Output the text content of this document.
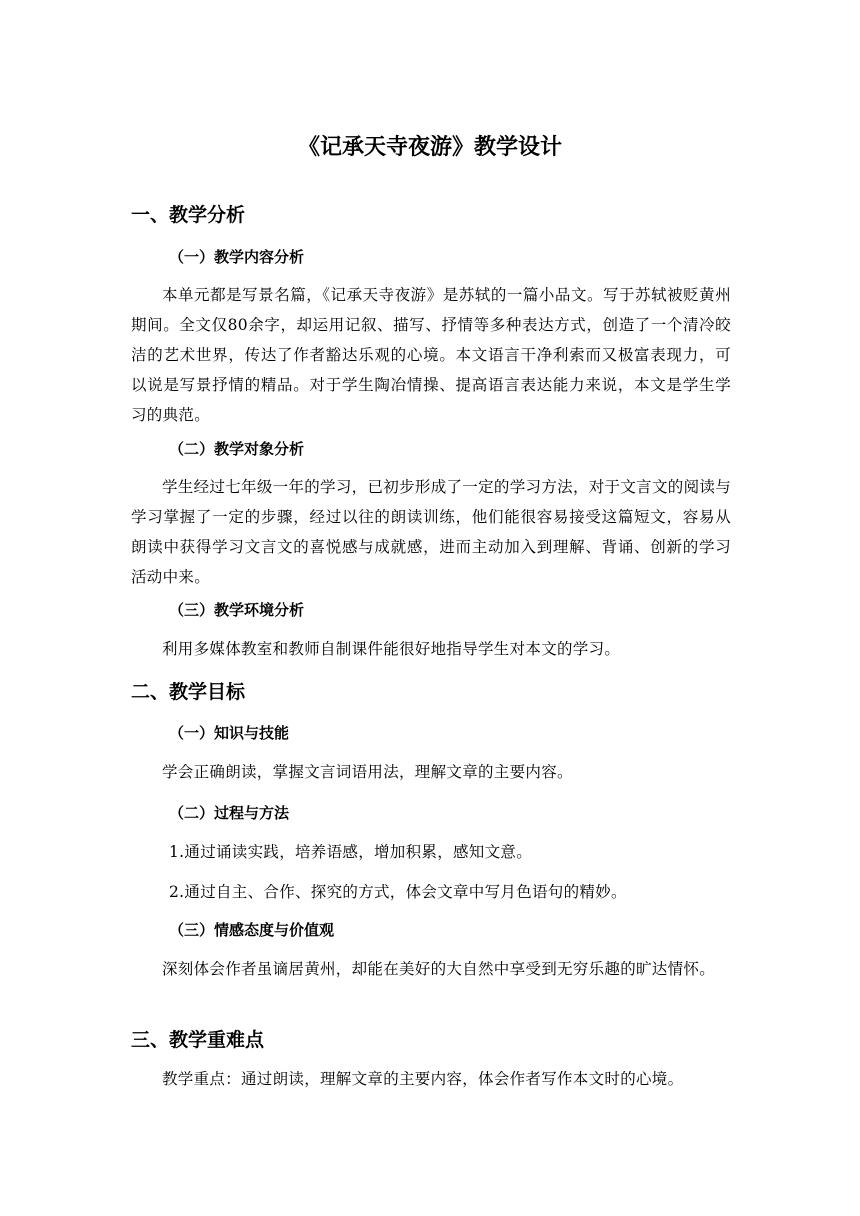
《记承天寺夜游》教学设计
一、教学分析
（一）教学内容分析
本单元都是写景名篇，《记承天寺夜游》是苏轼的一篇小品文。写于苏轼被贬黄州期间。全文仅80余字，却运用记叙、描写、抒情等多种表达方式，创造了一个清冷皎洁的艺术世界，传达了作者豁达乐观的心境。本文语言干净利索而又极富表现力，可以说是写景抒情的精品。对于学生陶冶情操、提高语言表达能力来说，本文是学生学习的典范。
（二）教学对象分析
学生经过七年级一年的学习，已初步形成了一定的学习方法，对于文言文的阅读与学习掌握了一定的步骤，经过以往的朗读训练，他们能很容易接受这篇短文，容易从朗读中获得学习文言文的喜悦感与成就感，进而主动加入到理解、背诵、创新的学习活动中来。
（三）教学环境分析
利用多媒体教室和教师自制课件能很好地指导学生对本文的学习。
二、教学目标
（一）知识与技能
学会正确朗读，掌握文言词语用法，理解文章的主要内容。
（二）过程与方法
1.通过诵读实践，培养语感，增加积累，感知文意。
2.通过自主、合作、探究的方式，体会文章中写月色语句的精妙。
（三）情感态度与价值观
深刻体会作者虽谪居黄州，却能在美好的大自然中享受到无穷乐趣的旷达情怀。
三、教学重难点
教学重点：通过朗读，理解文章的主要内容，体会作者写作本文时的心境。
